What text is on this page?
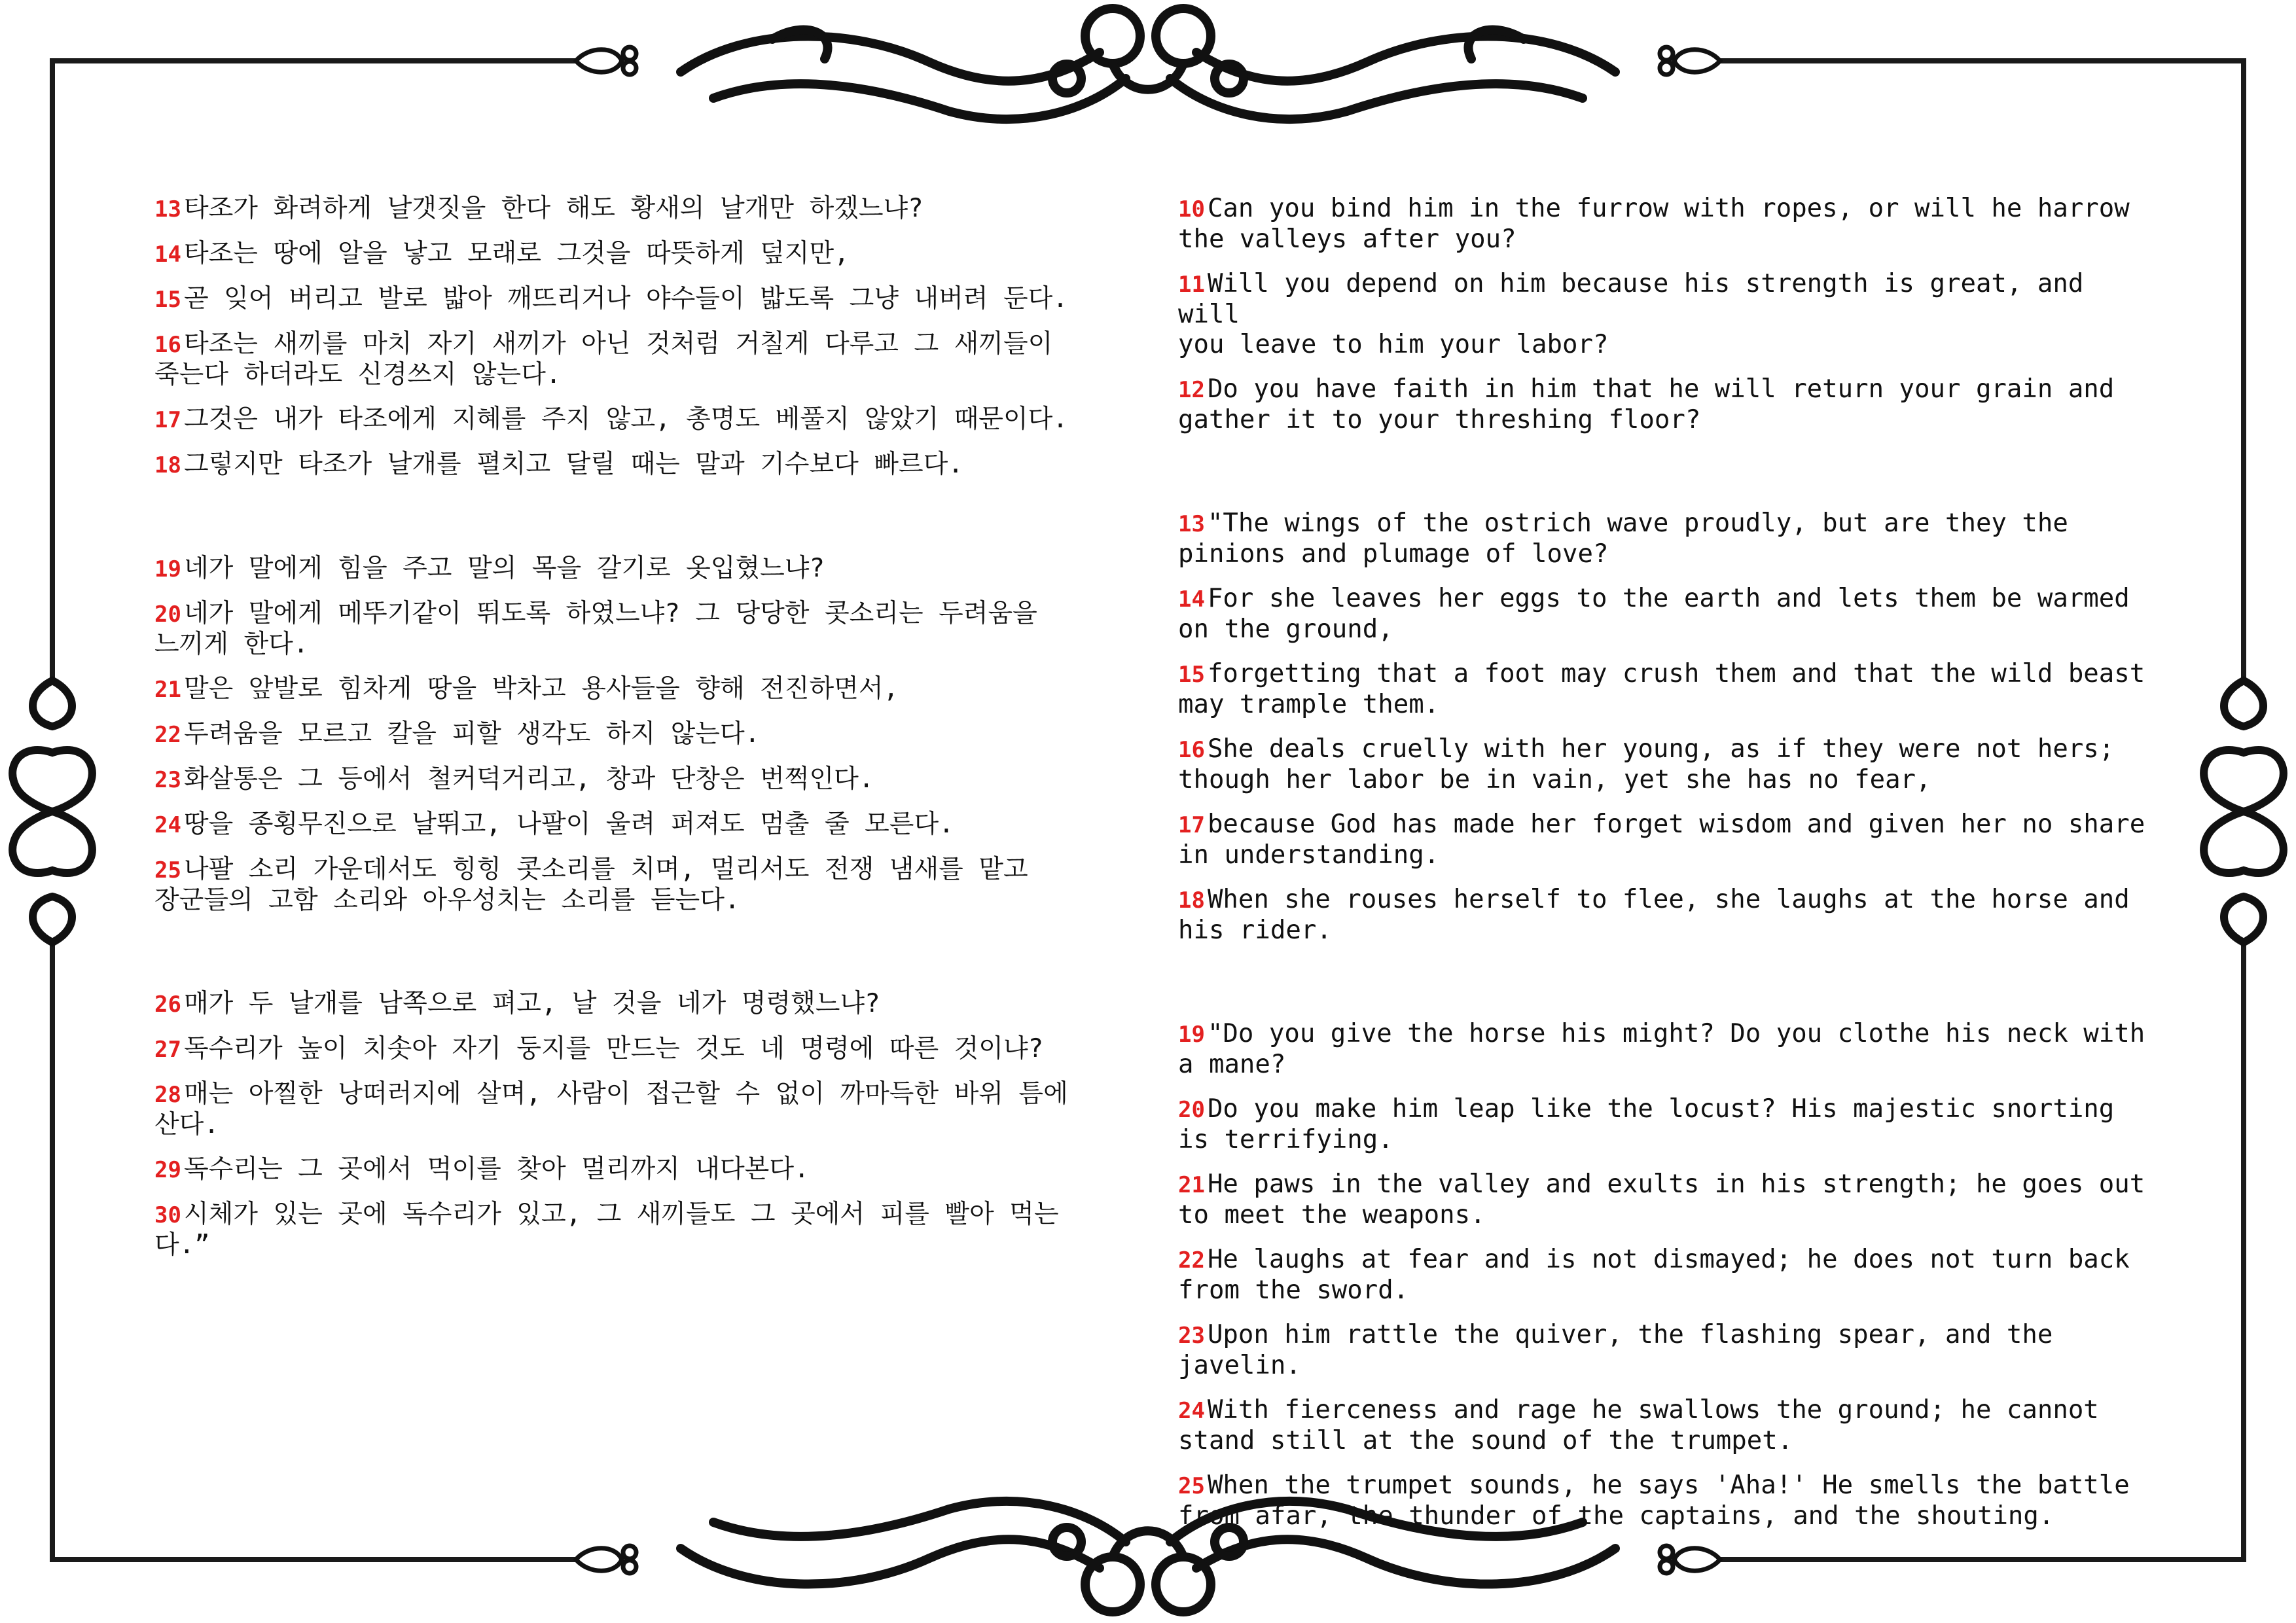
13 타조가 화려하게 날갯짓을 한다 해도 황새의 날개만 하겠느냐?
14 타조는 땅에 알을 낳고 모래로 그것을 따뜻하게 덮지만,
15 곧 잊어 버리고 발로 밟아 깨뜨리거나 야수들이 밟도록 그냥 내버려 둔다.
16 타조는 새끼를 마치 자기 새끼가 아닌 것처럼 거칠게 다루고 그 새끼들이
죽는다 하더라도 신경쓰지 않는다.
17 그것은 내가 타조에게 지혜를 주지 않고, 총명도 베풀지 않았기 때문이다.
18 그렇지만 타조가 날개를 펼치고 달릴 때는 말과 기수보다 빠르다.
19 네가 말에게 힘을 주고 말의 목을 갈기로 옷입혔느냐?
20 네가 말에게 메뚜기같이 뛰도록 하였느냐? 그 당당한 콧소리는 두려움을
느끼게 한다.
21 말은 앞발로 힘차게 땅을 박차고 용사들을 향해 전진하면서,
22 두려움을 모르고 칼을 피할 생각도 하지 않는다.
23 화살통은 그 등에서 철커덕거리고, 창과 단창은 번쩍인다.
24 땅을 종횡무진으로 날뛰고, 나팔이 울려 퍼져도 멈출 줄 모른다.
25 나팔 소리 가운데서도 힝힝 콧소리를 치며, 멀리서도 전쟁 냄새를 맡고
장군들의 고함 소리와 아우성치는 소리를 듣는다.
26 매가 두 날개를 남쪽으로 펴고, 날 것을 네가 명령했느냐?
27 독수리가 높이 치솟아 자기 둥지를 만드는 것도 네 명령에 따른 것이냐?
28 매는 아찔한 낭떠러지에 살며, 사람이 접근할 수 없이 까마득한 바위 틈에
산다.
29 독수리는 그 곳에서 먹이를 찾아 멀리까지 내다본다.
30 시체가 있는 곳에 독수리가 있고, 그 새끼들도 그 곳에서 피를 빨아 먹는다.”
10 Can you bind him in the furrow with ropes, or will he harrow
the valleys after you?
11 Will you depend on him because his strength is great, and will
you leave to him your labor?
12 Do you have faith in him that he will return your grain and
gather it to your threshing floor?
13 "The wings of the ostrich wave proudly, but are they the
pinions and plumage of love?
14 For she leaves her eggs to the earth and lets them be warmed
on the ground,
15 forgetting that a foot may crush them and that the wild beast
may trample them.
16 She deals cruelly with her young, as if they were not hers;
though her labor be in vain, yet she has no fear,
17 because God has made her forget wisdom and given her no share
in understanding.
18 When she rouses herself to flee, she laughs at the horse and
his rider.
19 "Do you give the horse his might? Do you clothe his neck with
a mane?
20 Do you make him leap like the locust? His majestic snorting
is terrifying.
21 He paws in the valley and exults in his strength; he goes out
to meet the weapons.
22 He laughs at fear and is not dismayed; he does not turn back
from the sword.
23 Upon him rattle the quiver, the flashing spear, and the
javelin.
24 With fierceness and rage he swallows the ground; he cannot
stand still at the sound of the trumpet.
25 When the trumpet sounds, he says 'Aha!' He smells the battle
from afar, the thunder of the captains, and the shouting.
